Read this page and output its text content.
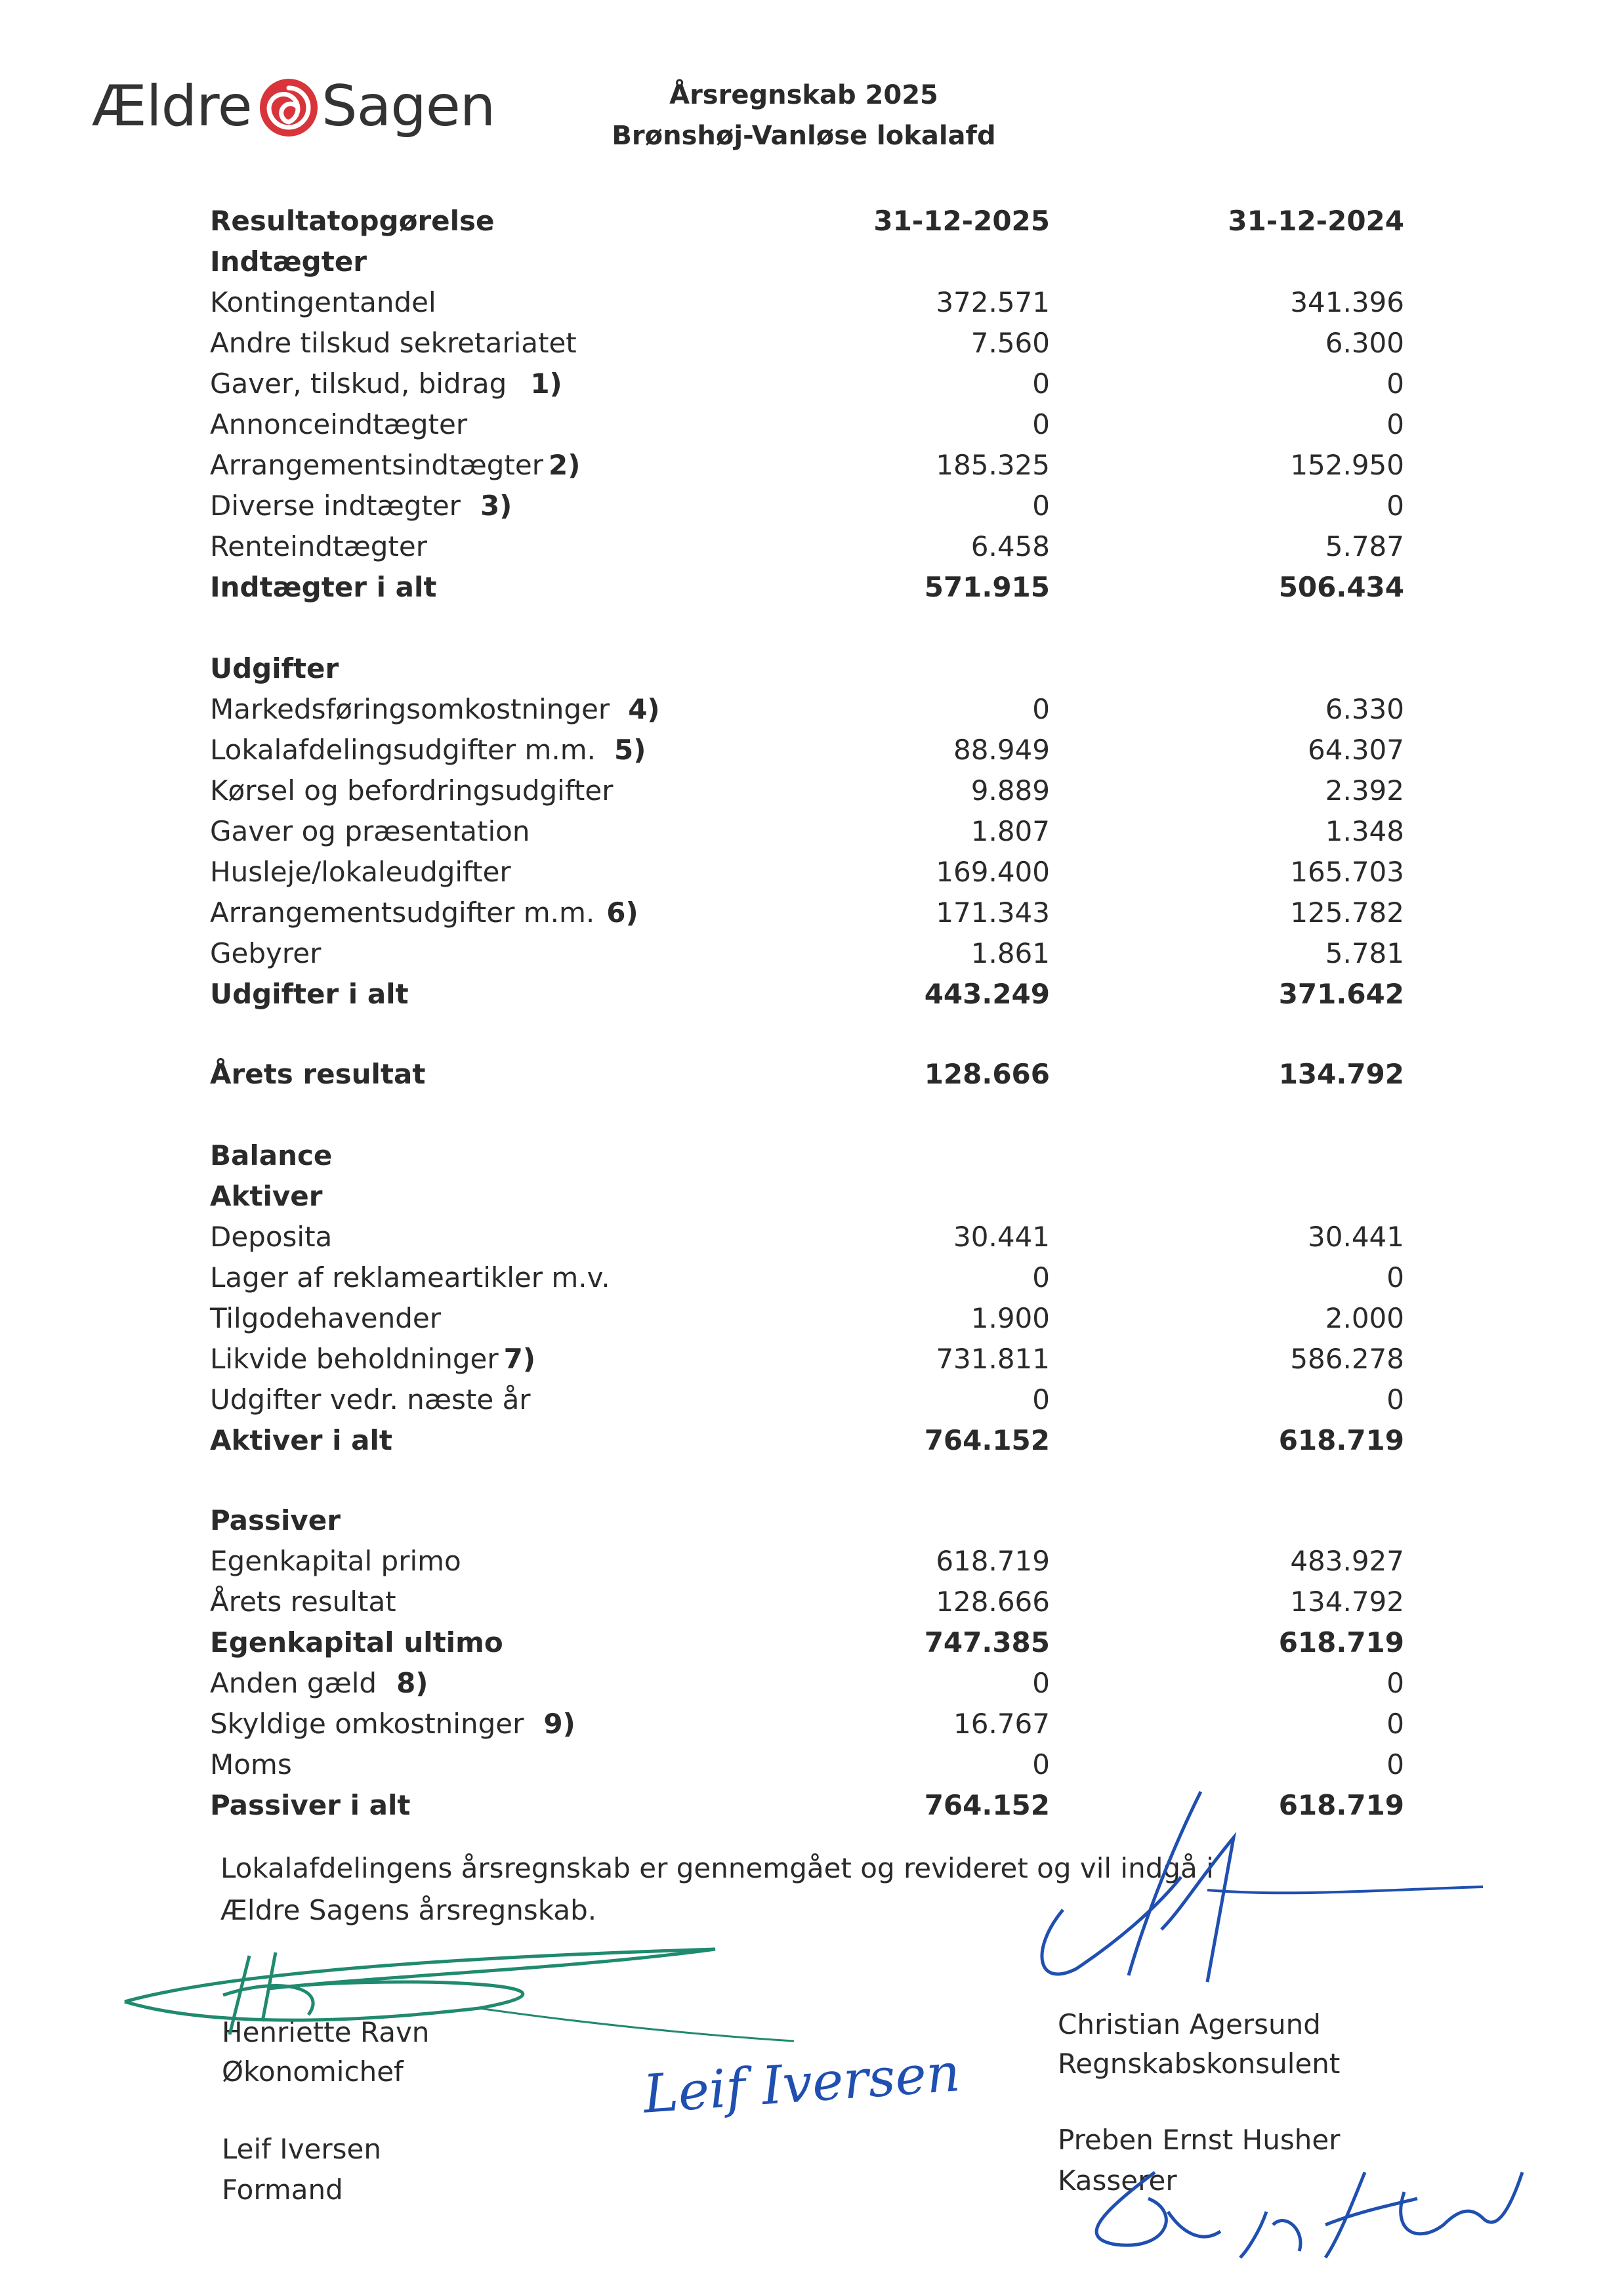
Ældre Sagen	Årsregnskab 2025
Brønshøj-Vanløse lokalafd
Resultatopgørelse	31-12-2025	31-12-2024
Indtægter
Kontingentandel	372.571	341.396
Andre tilskud sekretariatet	7.560	6.300
Gaver, tilskud, bidrag 1)	0	0
Annonceindtægter	0	0
Arrangementsindtægter 2)	185.325	152.950
Diverse indtægter 3)	0	0
Renteindtægter	6.458	5.787
Indtægter i alt	571.915	506.434
Udgifter
Markedsføringsomkostninger 4)	0	6.330
Lokalafdelingsudgifter m.m. 5)	88.949	64.307
Kørsel og befordringsudgifter	9.889	2.392
Gaver og præsentation	1.807	1.348
Husleje/lokaleudgifter	169.400	165.703
Arrangementsudgifter m.m. 6)	171.343	125.782
Gebyrer	1.861	5.781
Udgifter i alt	443.249	371.642
Årets resultat	128.666	134.792
Balance
Aktiver
Deposita	30.441	30.441
Lager af reklameartikler m.v.	0	0
Tilgodehavender	1.900	2.000
Likvide beholdninger 7)	731.811	586.278
Udgifter vedr. næste år	0	0
Aktiver i alt	764.152	618.719
Passiver
Egenkapital primo	618.719	483.927
Årets resultat	128.666	134.792
Egenkapital ultimo	747.385	618.719
Anden gæld 8)	0	0
Skyldige omkostninger 9)	16.767	0
Moms	0	0
Passiver i alt	764.152	618.719
Lokalafdelingens årsregnskab er gennemgået og revideret og vil indgå i
Ældre Sagens årsregnskab.
Henriette Ravn
Økonomichef
Leif Iversen
Formand
Christian Agersund
Regnskabskonsulent
Preben Ernst Husher
Kasserer
Leif Iversen
